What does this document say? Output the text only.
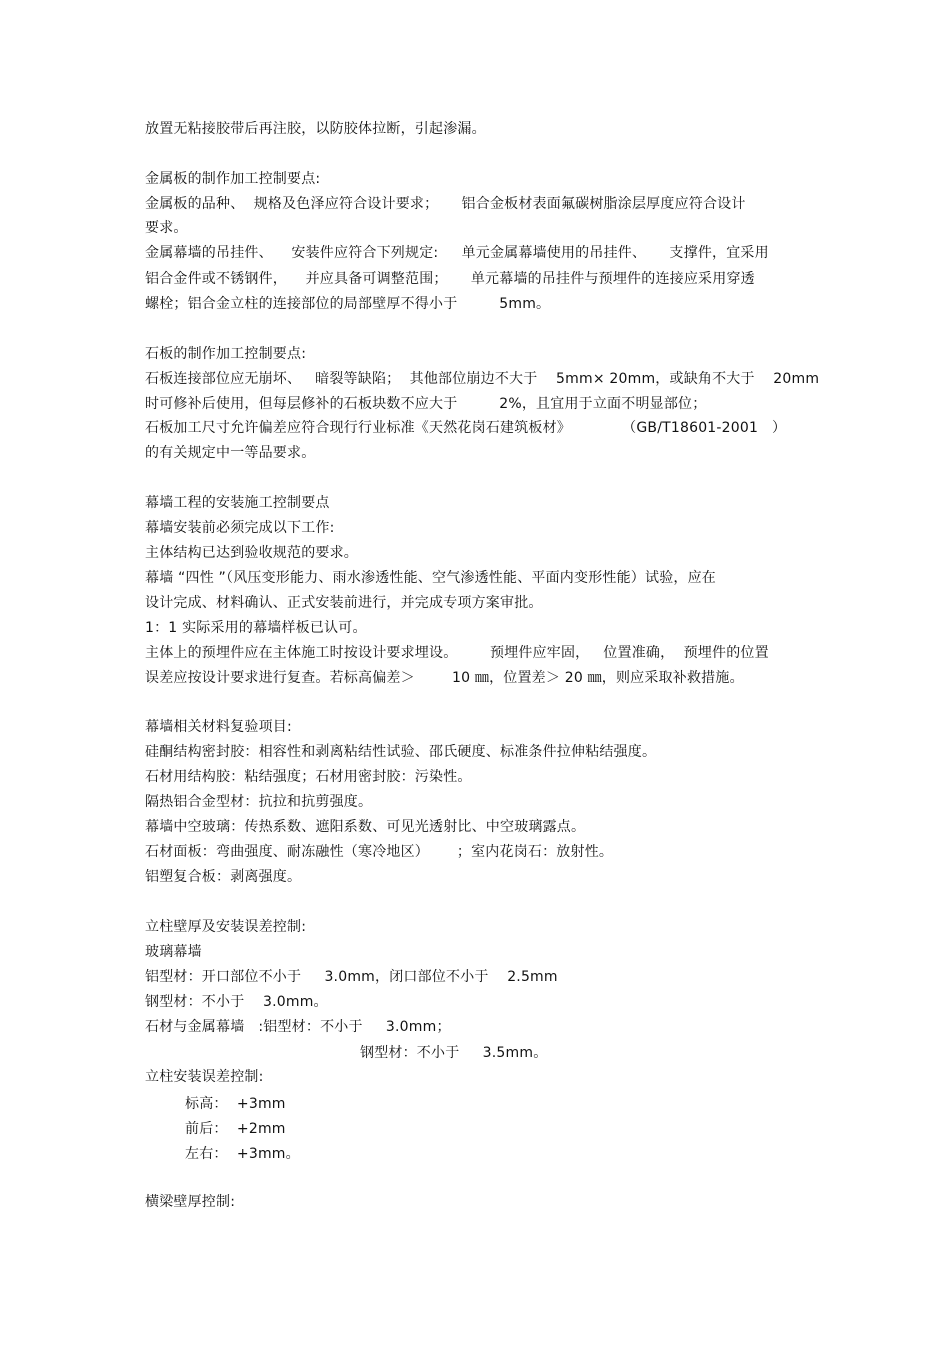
放置无粘接胶带后再注胶，以防胶体拉断，引起渗漏。
金属板的制作加工控制要点:
金属板的品种、  规格及色泽应符合设计要求；     铝合金板材表面氟碳树脂涂层厚度应符合设计
要求。
金属幕墙的吊挂件、    安装件应符合下列规定:     单元金属幕墙使用的吊挂件、     支撑件，宜采用
铝合金件或不锈钢件，    并应具备可调整范围；     单元幕墙的吊挂件与预埋件的连接应采用穿透
螺栓；铝合金立柱的连接部位的局部壁厚不得小于         5mm。
石板的制作加工控制要点:
石板连接部位应无崩坏、   暗裂等缺陷；  其他部位崩边不大于    5mm× 20mm，或缺角不大于    20mm
时可修补后使用，但每层修补的石板块数不应大于         2%，且宜用于立面不明显部位；
石板加工尺寸允许偏差应符合现行行业标准《天然花岗石建筑板材》           （GB/T18601-2001   ）
的有关规定中一等品要求。
幕墙工程的安装施工控制要点
幕墙安装前必须完成以下工作:
主体结构已达到验收规范的要求。
幕墙 “四性 ”（风压变形能力、雨水渗透性能、空气渗透性能、平面内变形性能）试验，应在
设计完成、材料确认、正式安装前进行，并完成专项方案审批。
1：1 实际采用的幕墙样板已认可。
主体上的预埋件应在主体施工时按设计要求埋设。       预埋件应牢固，   位置准确，  预埋件的位置
误差应按设计要求进行复查。若标高偏差＞        10 ㎜，位置差＞ 20 ㎜，则应采取补救措施。
幕墙相关材料复验项目:
硅酮结构密封胶：相容性和剥离粘结性试验、邵氏硬度、标准条件拉伸粘结强度。
石材用结构胶：粘结强度；石材用密封胶：污染性。
隔热铝合金型材：抗拉和抗剪强度。
幕墙中空玻璃：传热系数、遮阳系数、可见光透射比、中空玻璃露点。
石材面板：弯曲强度、耐冻融性（寒冷地区）      ；室内花岗石：放射性。
铝塑复合板：剥离强度。
立柱壁厚及安装误差控制:
玻璃幕墙
铝型材：开口部位不小于     3.0mm，闭口部位不小于    2.5mm
钢型材：不小于    3.0mm。
石材与金属幕墙   :铝型材：不小于     3.0mm；
钢型材：不小于     3.5mm。
立柱安装误差控制:
标高：  +3mm
前后：  +2mm
左右：  +3mm。
横梁壁厚控制:
